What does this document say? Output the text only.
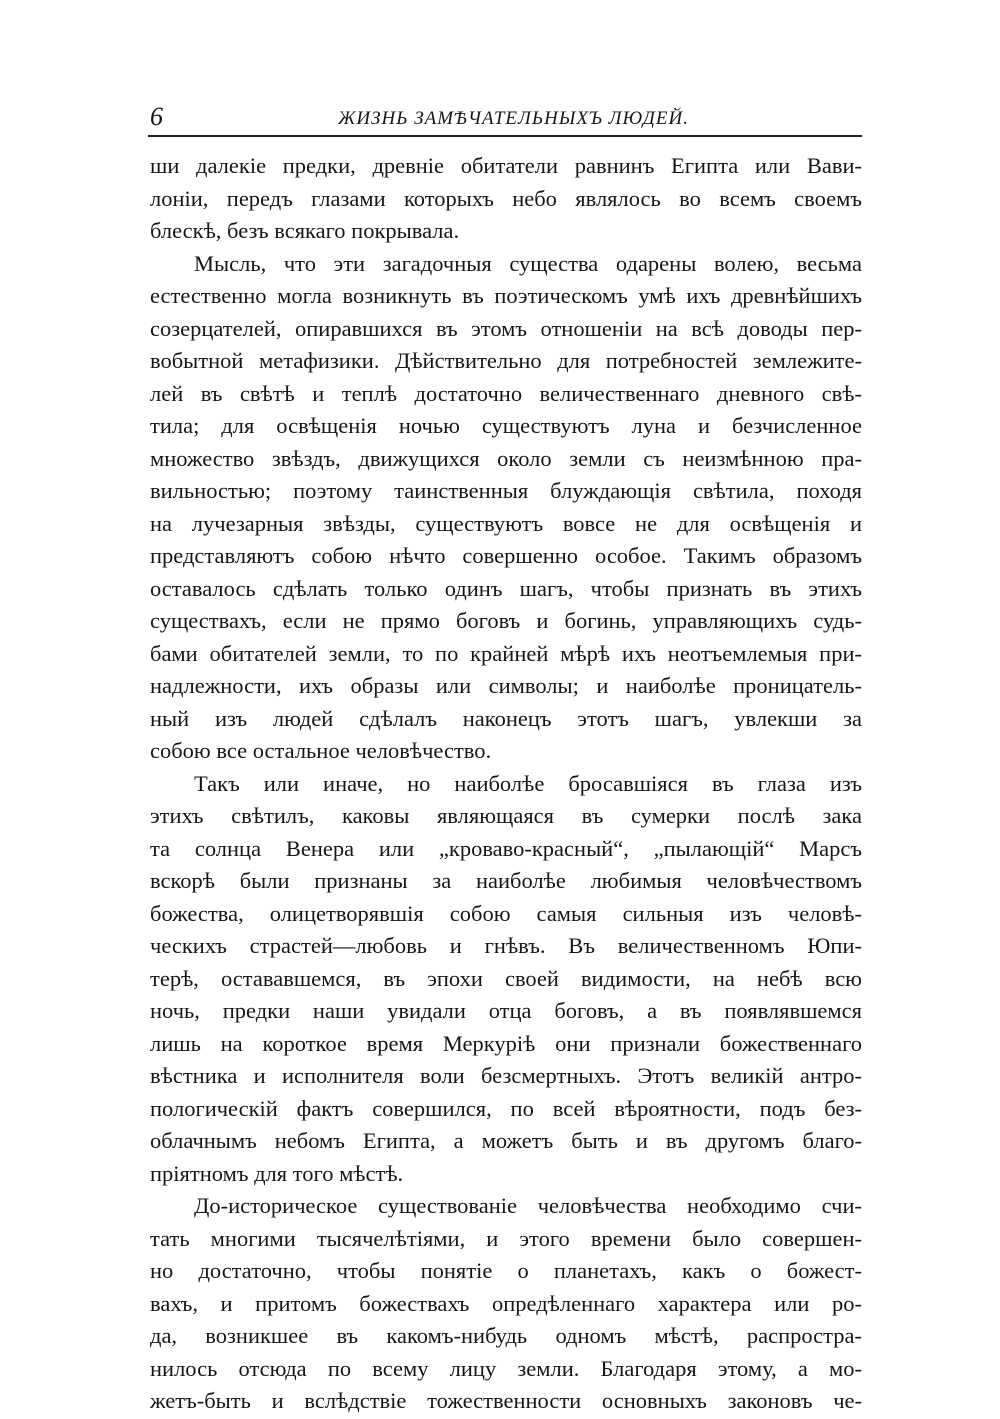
6	ЖИЗНЬ ЗАМѢЧАТЕЛЬНЫХЪ ЛЮДЕЙ.
ши далекіе предки, древніе обитатели равнинъ Египта или Вави-
лоніи, передъ глазами которыхъ небо являлось во всемъ своемъ
блескѣ, безъ всякаго покрывала.
Мысль, что эти загадочныя существа одарены волею, весьма
естественно могла возникнуть въ поэтическомъ умѣ ихъ древнѣйшихъ
созерцателей, опиравшихся въ этомъ отношеніи на всѣ доводы пер-
вобытной метафизики. Дѣйствительно для потребностей землежите-
лей въ свѣтѣ и теплѣ достаточно величественнаго дневного свѣ-
тила; для освѣщенія ночью существуютъ луна и безчисленное
множество звѣздъ, движущихся около земли съ неизмѣнною пра-
вильностью; поэтому таинственныя блуждающія свѣтила, походя
на лучезарныя звѣзды, существуютъ вовсе не для освѣщенія и
представляютъ собою нѣчто совершенно особое. Такимъ образомъ
оставалось сдѣлать только одинъ шагъ, чтобы признать въ этихъ
существахъ, если не прямо боговъ и богинь, управляющихъ судь-
бами обитателей земли, то по крайней мѣрѣ ихъ неотъемлемыя при-
надлежности, ихъ образы или символы; и наиболѣе проницатель-
ный изъ людей сдѣлалъ наконецъ этотъ шагъ, увлекши за
собою все остальное человѣчество.
Такъ или иначе, но наиболѣе бросавшіяся въ глаза изъ
этихъ свѣтилъ, каковы являющаяся въ сумерки послѣ зака
та солнца Венера или „кроваво-красный“, „пылающій“ Марсъ
вскорѣ были признаны за наиболѣе любимыя человѣчествомъ
божества, олицетворявшія собою самыя сильныя изъ человѣ-
ческихъ страстей—любовь и гнѣвъ. Въ величественномъ Юпи-
терѣ, остававшемся, въ эпохи своей видимости, на небѣ всю
ночь, предки наши увидали отца боговъ, а въ появлявшемся
лишь на короткое время Меркуріѣ они признали божественнаго
вѣстника и исполнителя воли безсмертныхъ. Этотъ великій антро-
пологическій фактъ совершился, по всей вѣроятности, подъ без-
облачнымъ небомъ Египта, а можетъ быть и въ другомъ благо-
пріятномъ для того мѣстѣ.
До-историческое существованіе человѣчества необходимо счи-
тать многими тысячелѣтіями, и этого времени было совершен-
но достаточно, чтобы понятіе о планетахъ, какъ о божест-
вахъ, и притомъ божествахъ опредѣленнаго характера или ро-
да, возникшее въ какомъ-нибудь одномъ мѣстѣ, распростра-
нилось отсюда по всему лицу земли. Благодаря этому, а мо-
жетъ-быть и вслѣдствіе тожественности основныхъ законовъ че-
